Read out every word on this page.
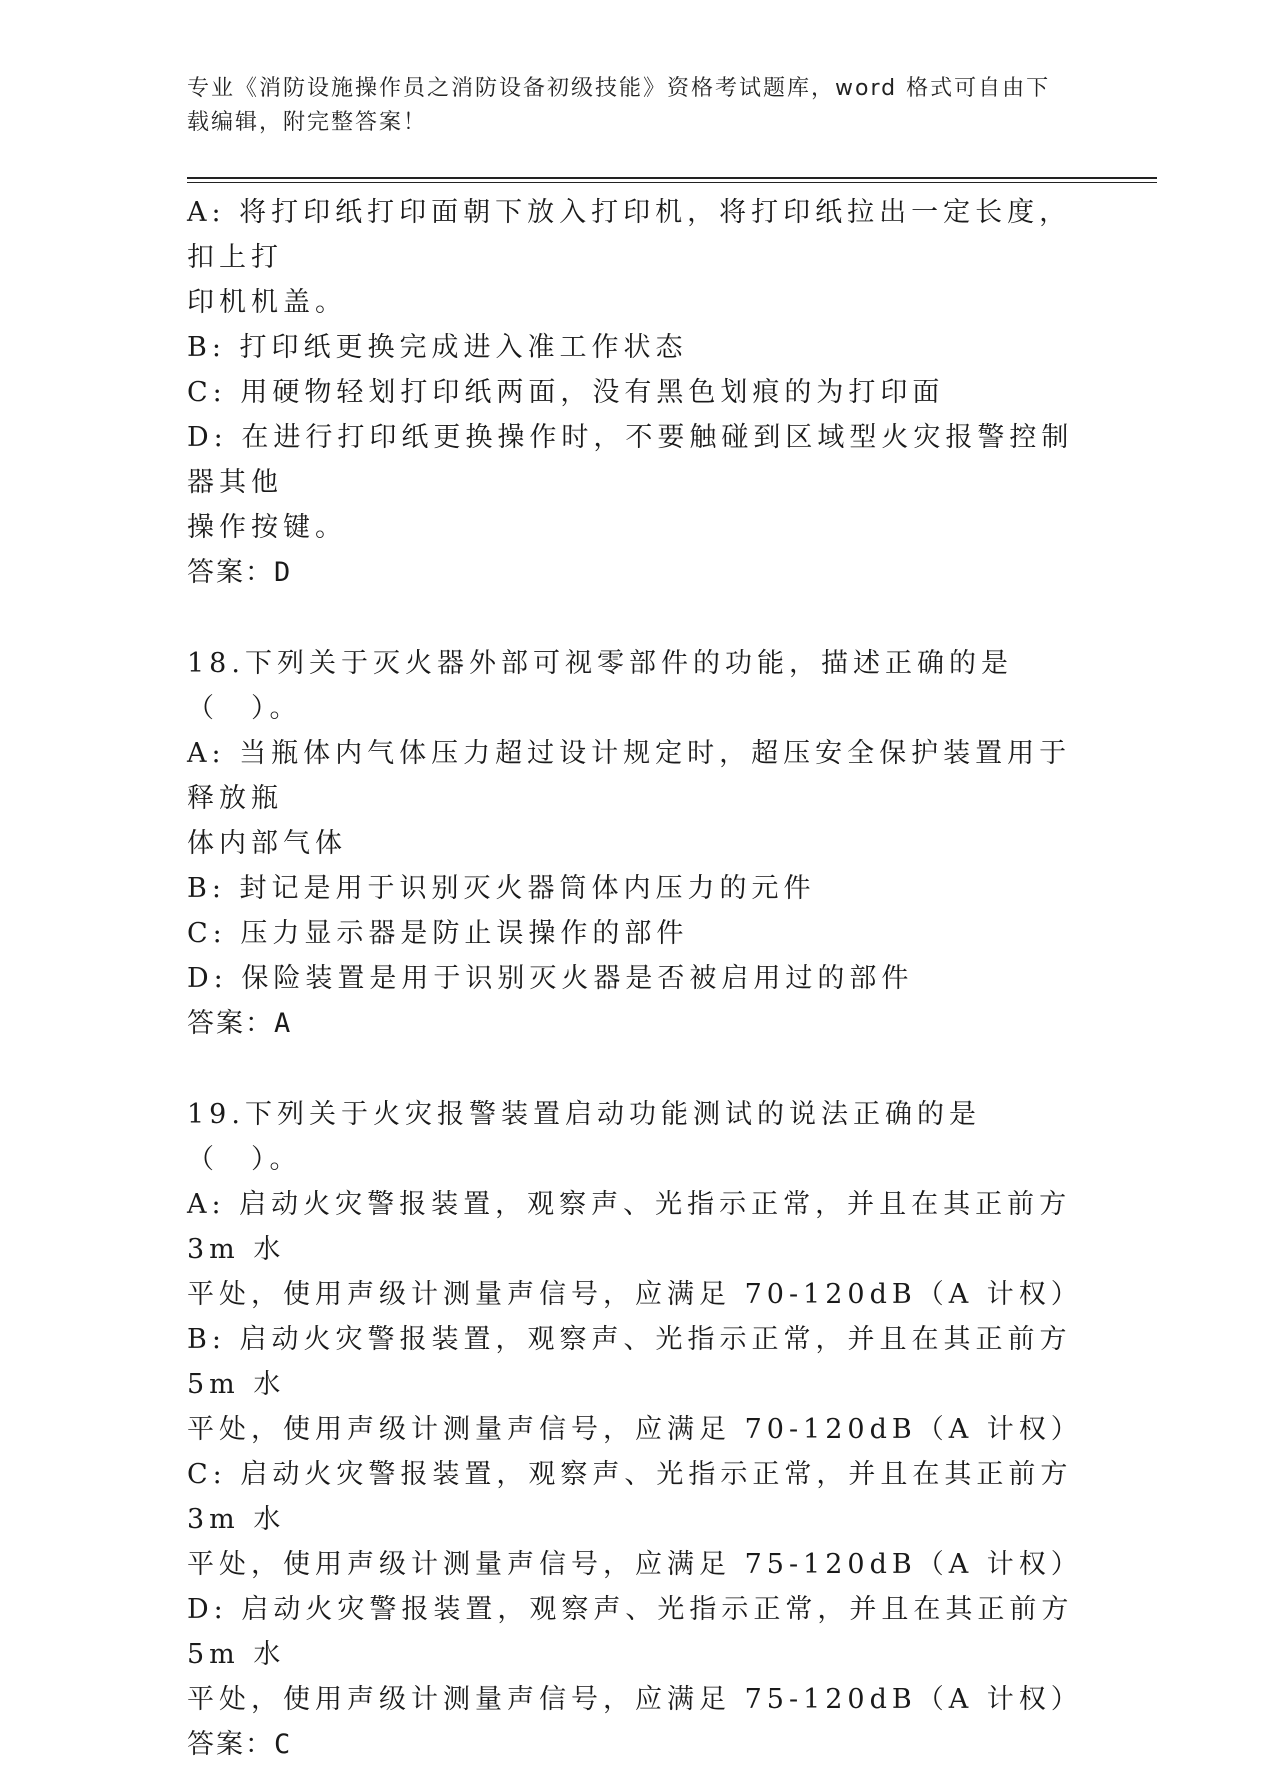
专业《消防设施操作员之消防设备初级技能》资格考试题库，word 格式可自由下
载编辑，附完整答案！

A: 将打印纸打印面朝下放入打印机，将打印纸拉出一定长度，扣上打

印机机盖。

B: 打印纸更换完成进入准工作状态

C: 用硬物轻划打印纸两面，没有黑色划痕的为打印面

D: 在进行打印纸更换操作时，不要触碰到区域型火灾报警控制器其他

操作按键。

答案：D

18.下列关于灭火器外部可视零部件的功能，描述正确的是（　）。

A: 当瓶体内气体压力超过设计规定时，超压安全保护装置用于释放瓶

体内部气体

B: 封记是用于识别灭火器筒体内压力的元件

C: 压力显示器是防止误操作的部件

D: 保险装置是用于识别灭火器是否被启用过的部件

答案：A

19.下列关于火灾报警装置启动功能测试的说法正确的是（　）。

A: 启动火灾警报装置，观察声、光指示正常，并且在其正前方 3m 水

平处，使用声级计测量声信号，应满足 70-120dB（A 计权）

B: 启动火灾警报装置，观察声、光指示正常，并且在其正前方 5m 水

平处，使用声级计测量声信号，应满足 70-120dB（A 计权）

C: 启动火灾警报装置，观察声、光指示正常，并且在其正前方 3m 水

平处，使用声级计测量声信号，应满足 75-120dB（A 计权）

D: 启动火灾警报装置，观察声、光指示正常，并且在其正前方 5m 水

平处，使用声级计测量声信号，应满足 75-120dB（A 计权）

答案：C
